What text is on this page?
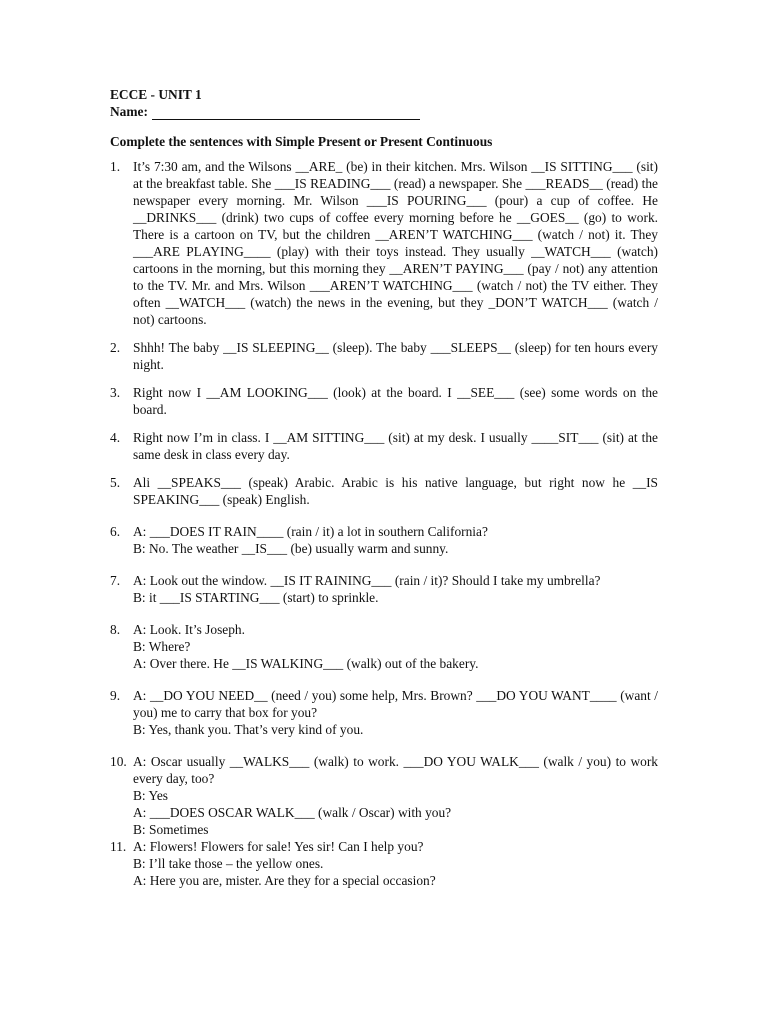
ECCE - UNIT 1

Name:

Complete the sentences with Simple Present or Present Continuous

1. It’s 7:30 am, and the Wilsons __ARE_ (be) in their kitchen. Mrs. Wilson __IS SITTING___ (sit) at the breakfast table. She ___IS READING___ (read) a newspaper. She ___READS__ (read) the newspaper every morning. Mr. Wilson ___IS POURING___ (pour) a cup of coffee. He __DRINKS___ (drink) two cups of coffee every morning before he __GOES__ (go) to work. There is a cartoon on TV, but the children __AREN’T WATCHING___ (watch / not) it. They ___ARE PLAYING____ (play) with their toys instead. They usually __WATCH___ (watch) cartoons in the morning, but this morning they __AREN’T PAYING___ (pay / not) any attention to the TV. Mr. and Mrs. Wilson ___AREN’T WATCHING___ (watch / not) the TV either. They often __WATCH___ (watch) the news in the evening, but they _DON’T WATCH___ (watch / not) cartoons.
2. Shhh! The baby __IS SLEEPING__ (sleep). The baby ___SLEEPS__ (sleep) for ten hours every night.
3. Right now I __AM LOOKING___ (look) at the board. I __SEE___ (see) some words on the board.
4. Right now I’m in class. I __AM SITTING___ (sit) at my desk. I usually ____SIT___ (sit) at the same desk in class every day.
5. Ali __SPEAKS___ (speak) Arabic. Arabic is his native language, but right now he __IS SPEAKING___ (speak) English.
6. A: ___DOES IT RAIN____ (rain / it) a lot in southern California?
B: No. The weather __IS___ (be) usually warm and sunny.
7. A: Look out the window. __IS IT RAINING___ (rain / it)? Should I take my umbrella?
B: it ___IS STARTING___ (start) to sprinkle.
8. A: Look. It’s Joseph.
B: Where?
A: Over there. He __IS WALKING___ (walk) out of the bakery.
9. A: __DO YOU NEED__ (need / you) some help, Mrs. Brown? ___DO YOU WANT____ (want / you) me to carry that box for you?
B: Yes, thank you. That’s very kind of you.
10. A: Oscar usually __WALKS___ (walk) to work. ___DO YOU WALK___ (walk / you) to work every day, too?
B: Yes
A: ___DOES OSCAR WALK___ (walk / Oscar) with you?
B: Sometimes
11. A: Flowers! Flowers for sale! Yes sir! Can I help you?
B: I’ll take those – the yellow ones.
A: Here you are, mister. Are they for a special occasion?
